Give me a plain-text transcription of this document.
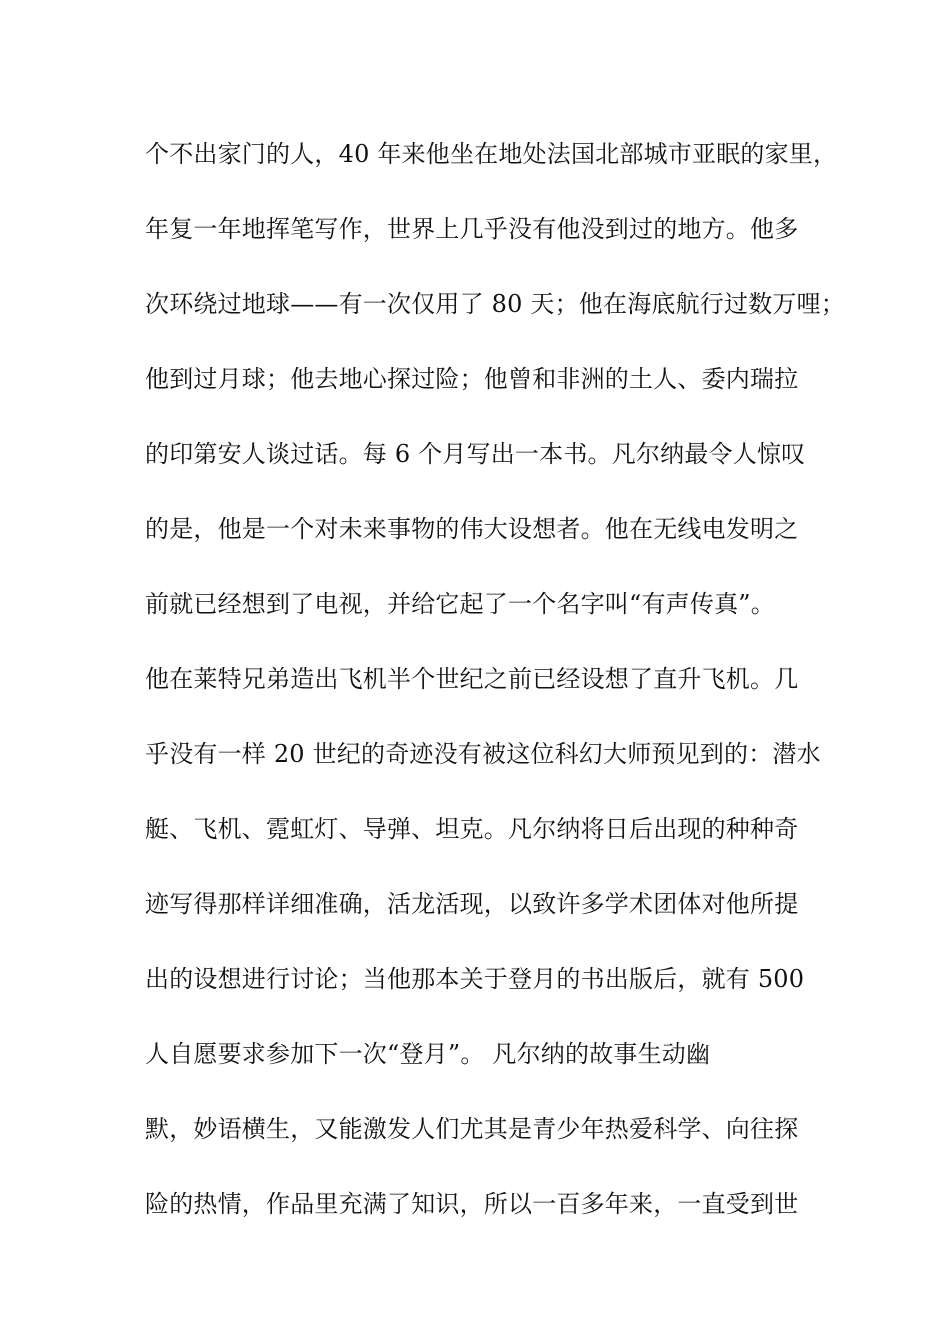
个不出家门的人，40 年来他坐在地处法国北部城市亚眠的家里，
年复一年地挥笔写作，世界上几乎没有他没到过的地方。他多
次环绕过地球——有一次仅用了 80 天；他在海底航行过数万哩；
他到过月球；他去地心探过险；他曾和非洲的土人、委内瑞拉
的印第安人谈过话。每 6 个月写出一本书。凡尔纳最令人惊叹
的是，他是一个对未来事物的伟大设想者。他在无线电发明之
前就已经想到了电视，并给它起了一个名字叫“有声传真”。
他在莱特兄弟造出飞机半个世纪之前已经设想了直升飞机。几
乎没有一样 20 世纪的奇迹没有被这位科幻大师预见到的：潜水
艇、飞机、霓虹灯、导弹、坦克。凡尔纳将日后出现的种种奇
迹写得那样详细准确，活龙活现，以致许多学术团体对他所提
出的设想进行讨论；当他那本关于登月的书出版后，就有 500
人自愿要求参加下一次“登月”。 凡尔纳的故事生动幽
默，妙语横生，又能激发人们尤其是青少年热爱科学、向往探
险的热情，作品里充满了知识，所以一百多年来，一直受到世
